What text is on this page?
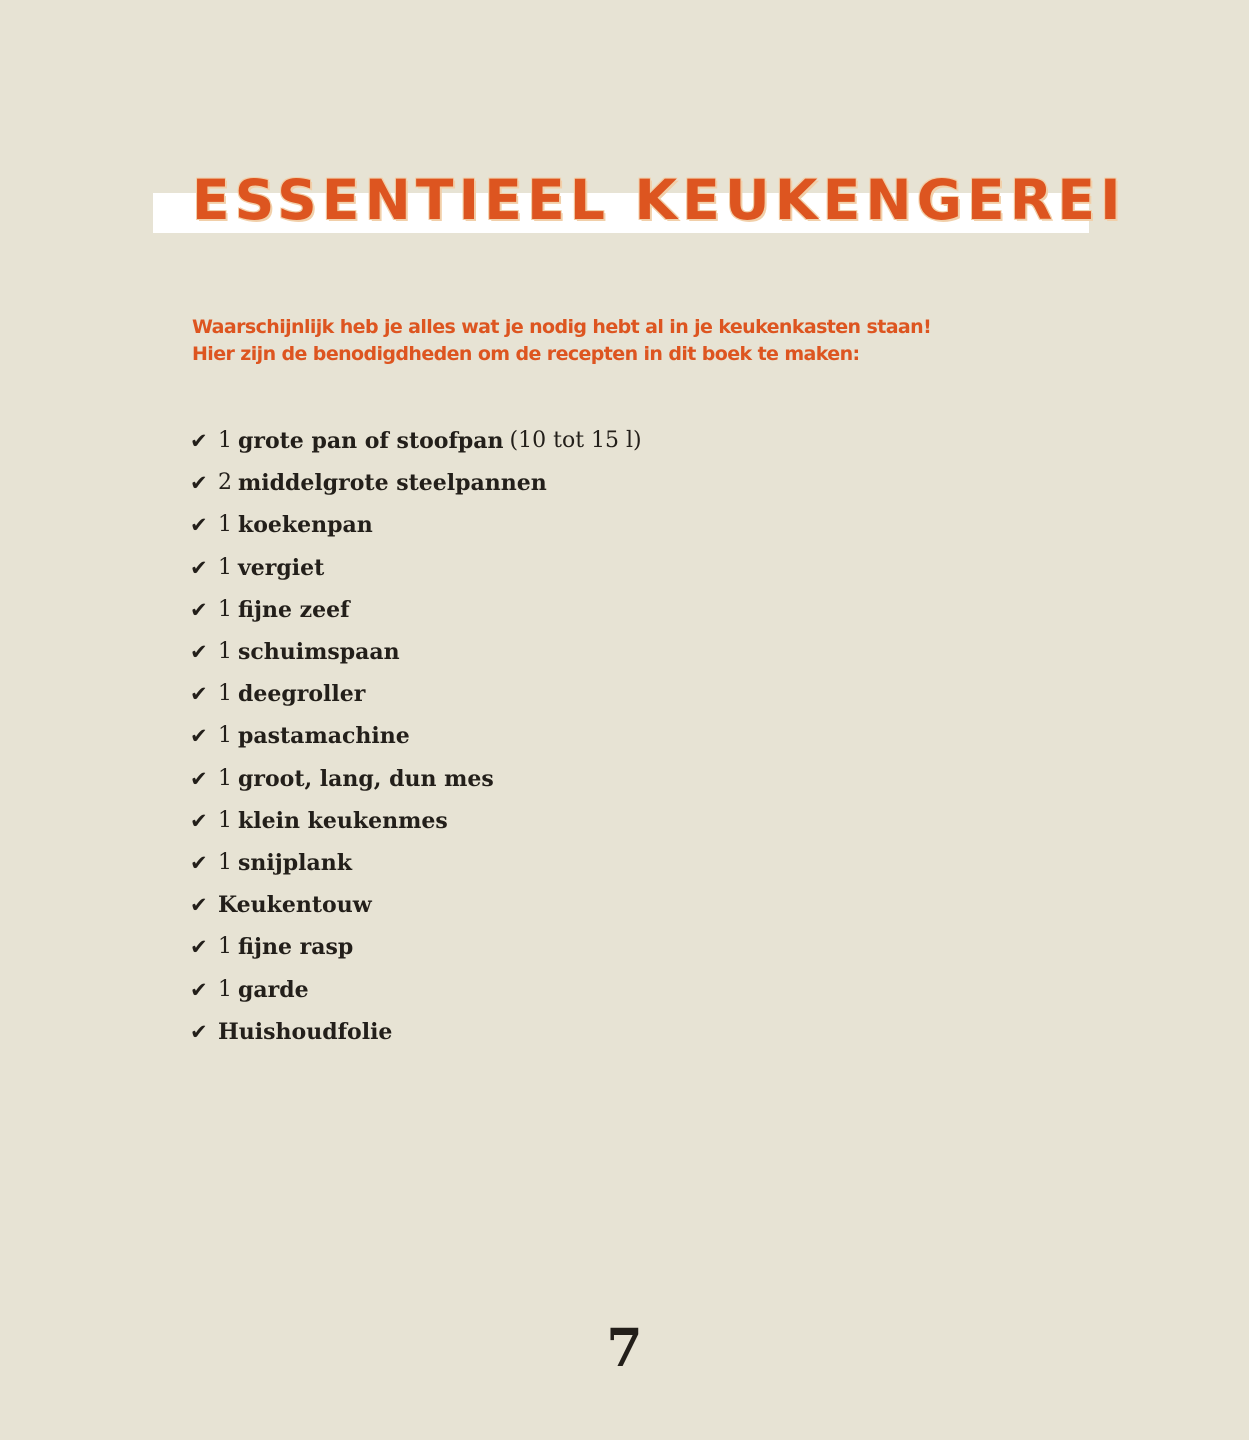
ESSENTIEEL KEUKENGEREI

Waarschijnlijk heb je alles wat je nodig hebt al in je keukenkasten staan!
Hier zijn de benodigdheden om de recepten in dit boek te maken:

✔ 1 grote pan of stoofpan (10 tot 15 l)
✔ 2 middelgrote steelpannen
✔ 1 koekenpan
✔ 1 vergiet
✔ 1 fijne zeef
✔ 1 schuimspaan
✔ 1 deegroller
✔ 1 pastamachine
✔ 1 groot, lang, dun mes
✔ 1 klein keukenmes
✔ 1 snijplank
✔ Keukentouw
✔ 1 fijne rasp
✔ 1 garde
✔ Huishoudfolie
7
